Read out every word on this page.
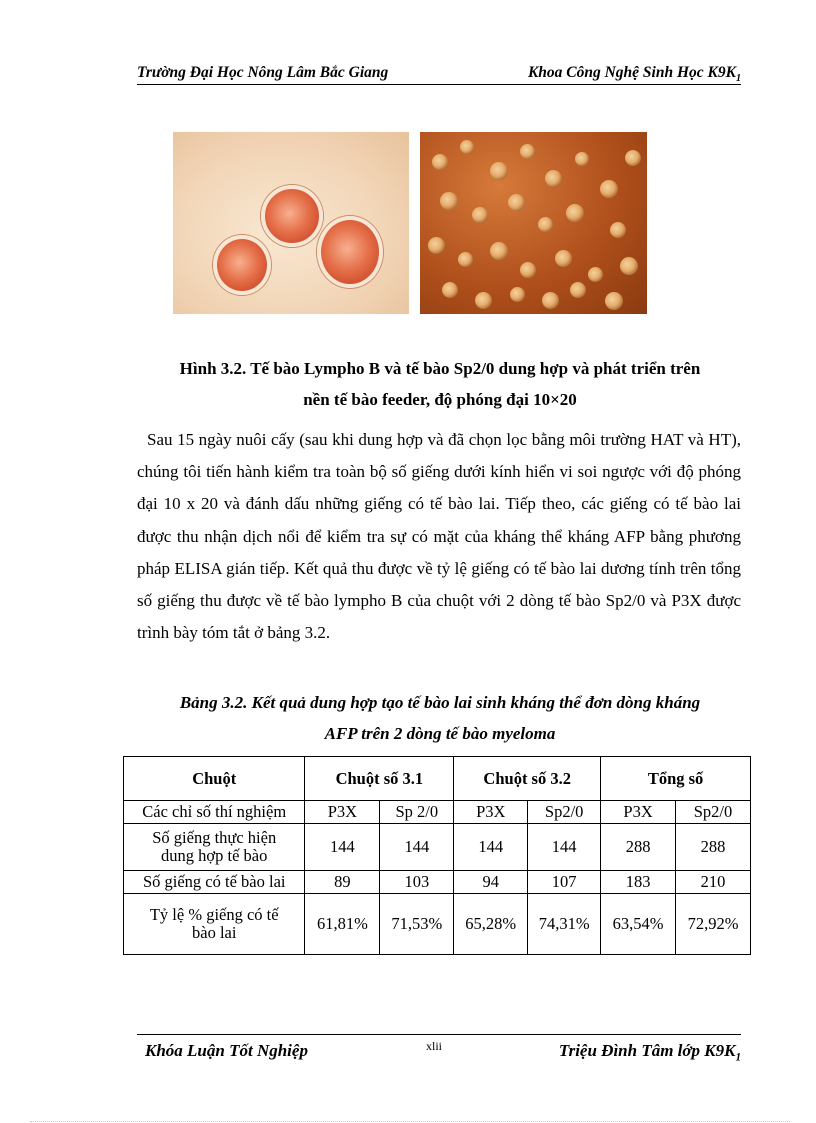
Trường Đại Học Nông Lâm Bắc Giang	Khoa Công Nghệ Sinh Học $K9K_1$
Hình 3.2. Tế bào Lympho B và tế bào Sp2/0 dung hợp và phát triển trên
nền tế bào feeder, độ phóng đại 10×20
Sau 15 ngày nuôi cấy (sau khi dung hợp và đã chọn lọc bằng môi trường HAT và HT), chúng tôi tiến hành kiểm tra toàn bộ số giếng dưới kính hiển vi soi ngược với độ phóng đại 10 x 20 và đánh dấu những giếng có tế bào lai. Tiếp theo, các giếng có tế bào lai được thu nhận dịch nổi để kiểm tra sự có mặt của kháng thể kháng AFP bằng phương pháp ELISA gián tiếp. Kết quả thu được về tỷ lệ giếng có tế bào lai dương tính trên tổng số giếng thu được về tế bào lympho B của chuột với 2 dòng tế bào Sp2/0 và P3X được trình bày tóm tắt ở bảng 3.2.
Bảng 3.2. Kết quả dung hợp tạo tế bào lai sinh kháng thể đơn dòng kháng
AFP trên 2 dòng tế bào myeloma
Chuột	Chuột số 3.1		Chuột số 3.2		Tổng số	
Các chỉ số thí nghiệm	P3X	Sp 2/0	P3X	Sp2/0	P3X	Sp2/0

Số giếng thực hiện
dung hợp tế bào	144	144	144	144	288	288
Số giếng có tế bào lai	89	103	94	107	183	210

Tỷ lệ % giếng có tế
bào lai	61,81%	71,53%	65,28%	74,31%	63,54%	72,92%
Khóa Luận Tốt Nghiệp	xlii	Triệu Đình Tâm lớp $K9K_1$
